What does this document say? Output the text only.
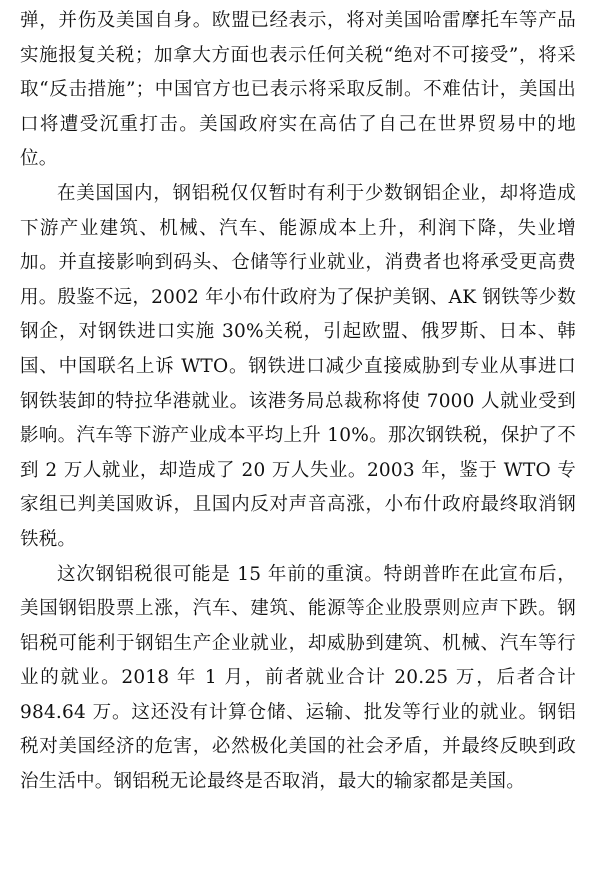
弹，并伤及美国自身。欧盟已经表示，将对美国哈雷摩托车等产品实施报复关税；加拿大方面也表示任何关税“绝对不可接受”，将采取“反击措施”；中国官方也已表示将采取反制。不难估计，美国出口将遭受沉重打击。美国政府实在高估了自己在世界贸易中的地位。

在美国国内，钢铝税仅仅暂时有利于少数钢铝企业，却将造成下游产业建筑、机械、汽车、能源成本上升，利润下降，失业增加。并直接影响到码头、仓储等行业就业，消费者也将承受更高费用。殷鉴不远，2002 年小布什政府为了保护美钢、AK 钢铁等少数钢企，对钢铁进口实施 30%关税，引起欧盟、俄罗斯、日本、韩国、中国联名上诉 WTO。钢铁进口减少直接威胁到专业从事进口钢铁装卸的特拉华港就业。该港务局总裁称将使 7000 人就业受到影响。汽车等下游产业成本平均上升 10%。那次钢铁税，保护了不到 2 万人就业，却造成了 20 万人失业。2003 年，鉴于 WTO 专家组已判美国败诉，且国内反对声音高涨，小布什政府最终取消钢铁税。

这次钢铝税很可能是 15 年前的重演。特朗普昨在此宣布后，美国钢铝股票上涨，汽车、建筑、能源等企业股票则应声下跌。钢铝税可能利于钢铝生产企业就业，却威胁到建筑、机械、汽车等行业的就业。2018 年 1 月，前者就业合计 20.25 万，后者合计 984.64 万。这还没有计算仓储、运输、批发等行业的就业。钢铝税对美国经济的危害，必然极化美国的社会矛盾，并最终反映到政治生活中。钢铝税无论最终是否取消，最大的输家都是美国。
